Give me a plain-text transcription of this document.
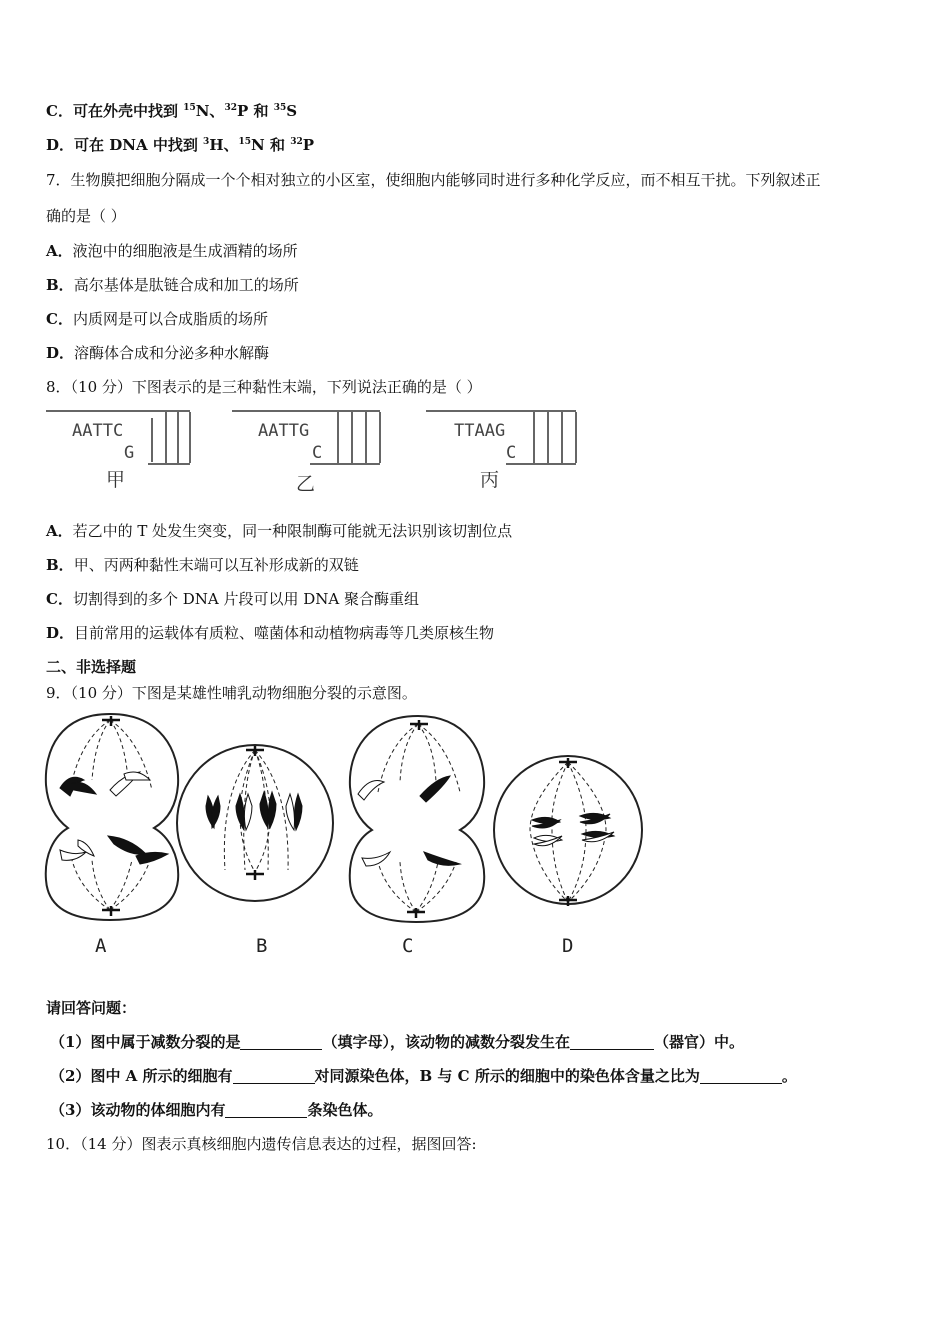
C．可在外壳中找到 $^{15}$N、$^{32}$P 和 $^{35}$S
D．可在 DNA 中找到 $^3$H、$^{15}$N 和 $^{32}$P
7．生物膜把细胞分隔成一个个相对独立的小区室，使细胞内能够同时进行多种化学反应，而不相互干扰。下列叙述正
确的是（ ）
A．液泡中的细胞液是生成酒精的场所
B．高尔基体是肽链合成和加工的场所
C．内质网是可以合成脂质的场所
D．溶酶体合成和分泌多种水解酶
8．（10 分）下图表示的是三种黏性末端，下列说法正确的是（ ）
AATTC
G
AATTG
C
TTAAG
C
甲	乙	丙
A．若乙中的 T 处发生突变，同一种限制酶可能就无法识别该切割位点
B．甲、丙两种黏性末端可以互补形成新的双链
C．切割得到的多个 DNA 片段可以用 DNA 聚合酶重组
D．目前常用的运载体有质粒、噬菌体和动植物病毒等几类原核生物
二、非选择题
9．（10 分）下图是某雄性哺乳动物细胞分裂的示意图。
A	B	C	D
请回答问题：
（1）图中属于减数分裂的是	（填字母），该动物的减数分裂发生在	（器官）中。
（2）图中 A 所示的细胞有	对同源染色体，B 与 C 所示的细胞中的染色体含量之比为	。
（3）该动物的体细胞内有	条染色体。
10．（14 分）图表示真核细胞内遗传信息表达的过程，据图回答:
